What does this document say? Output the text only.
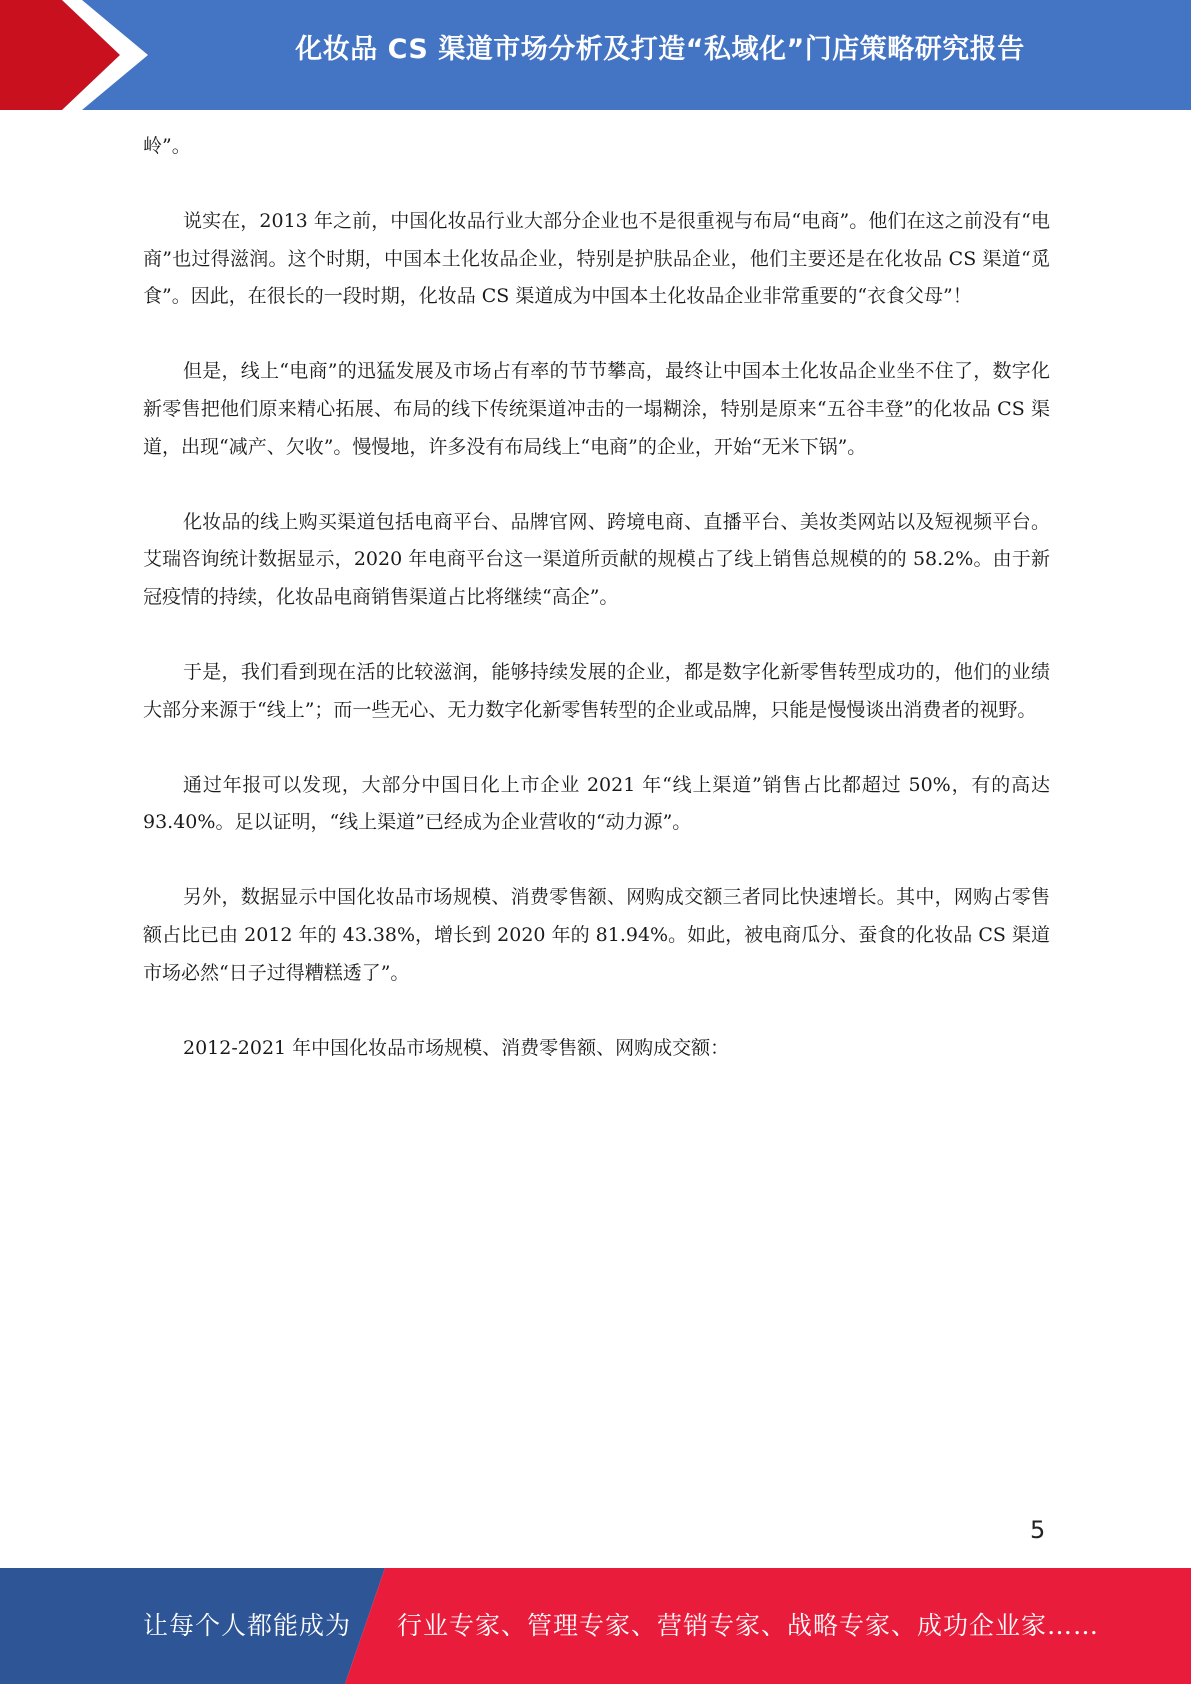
化妆品 CS 渠道市场分析及打造“私域化”门店策略研究报告

岭”。

说实在，2013 年之前，中国化妆品行业大部分企业也不是很重视与布局“电商”。他们在这之前没有“电商”也过得滋润。这个时期，中国本土化妆品企业，特别是护肤品企业，他们主要还是在化妆品 CS 渠道“觅食”。因此，在很长的一段时期，化妆品 CS 渠道成为中国本土化妆品企业非常重要的“衣食父母”！

但是，线上“电商”的迅猛发展及市场占有率的节节攀高，最终让中国本土化妆品企业坐不住了，数字化新零售把他们原来精心拓展、布局的线下传统渠道冲击的一塌糊涂，特别是原来“五谷丰登”的化妆品 CS 渠道，出现“减产、欠收”。慢慢地，许多没有布局线上“电商”的企业，开始“无米下锅”。

化妆品的线上购买渠道包括电商平台、品牌官网、跨境电商、直播平台、美妆类网站以及短视频平台。艾瑞咨询统计数据显示，2020 年电商平台这一渠道所贡献的规模占了线上销售总规模的的 58.2%。由于新冠疫情的持续，化妆品电商销售渠道占比将继续“高企”。

于是，我们看到现在活的比较滋润，能够持续发展的企业，都是数字化新零售转型成功的，他们的业绩大部分来源于“线上”；而一些无心、无力数字化新零售转型的企业或品牌，只能是慢慢谈出消费者的视野。

通过年报可以发现，大部分中国日化上市企业 2021 年“线上渠道”销售占比都超过 50%，有的高达 93.40%。足以证明，“线上渠道”已经成为企业营收的“动力源”。

另外，数据显示中国化妆品市场规模、消费零售额、网购成交额三者同比快速增长。其中，网购占零售额占比已由 2012 年的 43.38%，增长到 2020 年的 81.94%。如此，被电商瓜分、蚕食的化妆品 CS 渠道市场必然“日子过得糟糕透了”。

2012-2021 年中国化妆品市场规模、消费零售额、网购成交额：

5
让每个人都能成为 行业专家、管理专家、营销专家、战略专家、成功企业家……
